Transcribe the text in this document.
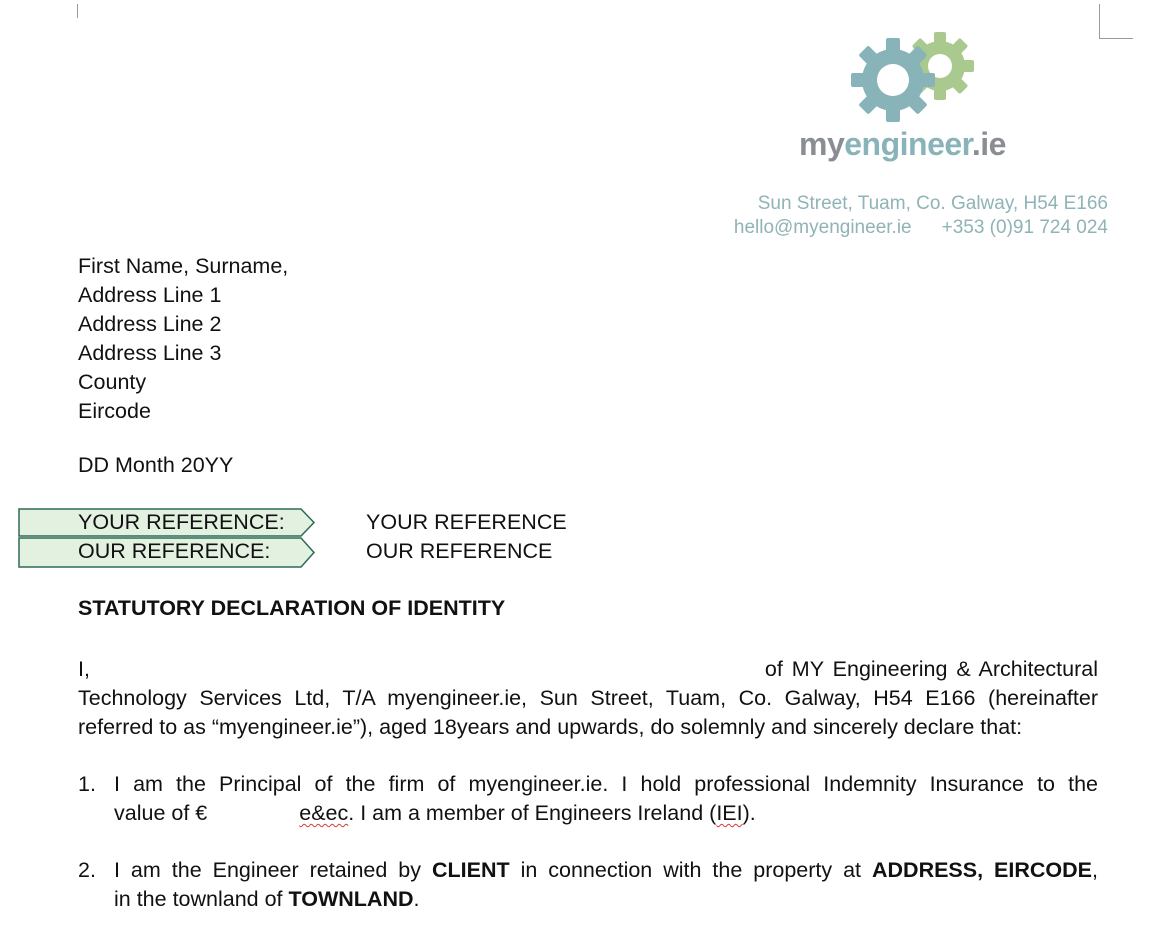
myengineer.ie
Sun Street, Tuam, Co. Galway, H54 E166
hello@myengineer.ie +353 (0)91 724 024
First Name, Surname,
Address Line 1
Address Line 2
Address Line 3
County
Eircode
DD Month 20YY
YOUR REFERENCE:	YOUR REFERENCE
OUR REFERENCE:	OUR REFERENCE
STATUTORY DECLARATION OF IDENTITY
I,	of MY Engineering & Architectural
Technology Services Ltd, T/A myengineer.ie, Sun Street, Tuam, Co. Galway, H54 E166 (hereinafter
referred to as “myengineer.ie”), aged 18years and upwards, do solemnly and sincerely declare that:
1. I am the Principal of the firm of myengineer.ie. I hold professional Indemnity Insurance to the
value of €	e&ec. I am a member of Engineers Ireland (IEI).
2. I am the Engineer retained by CLIENT in connection with the property at ADDRESS, EIRCODE,
in the townland of TOWNLAND.
